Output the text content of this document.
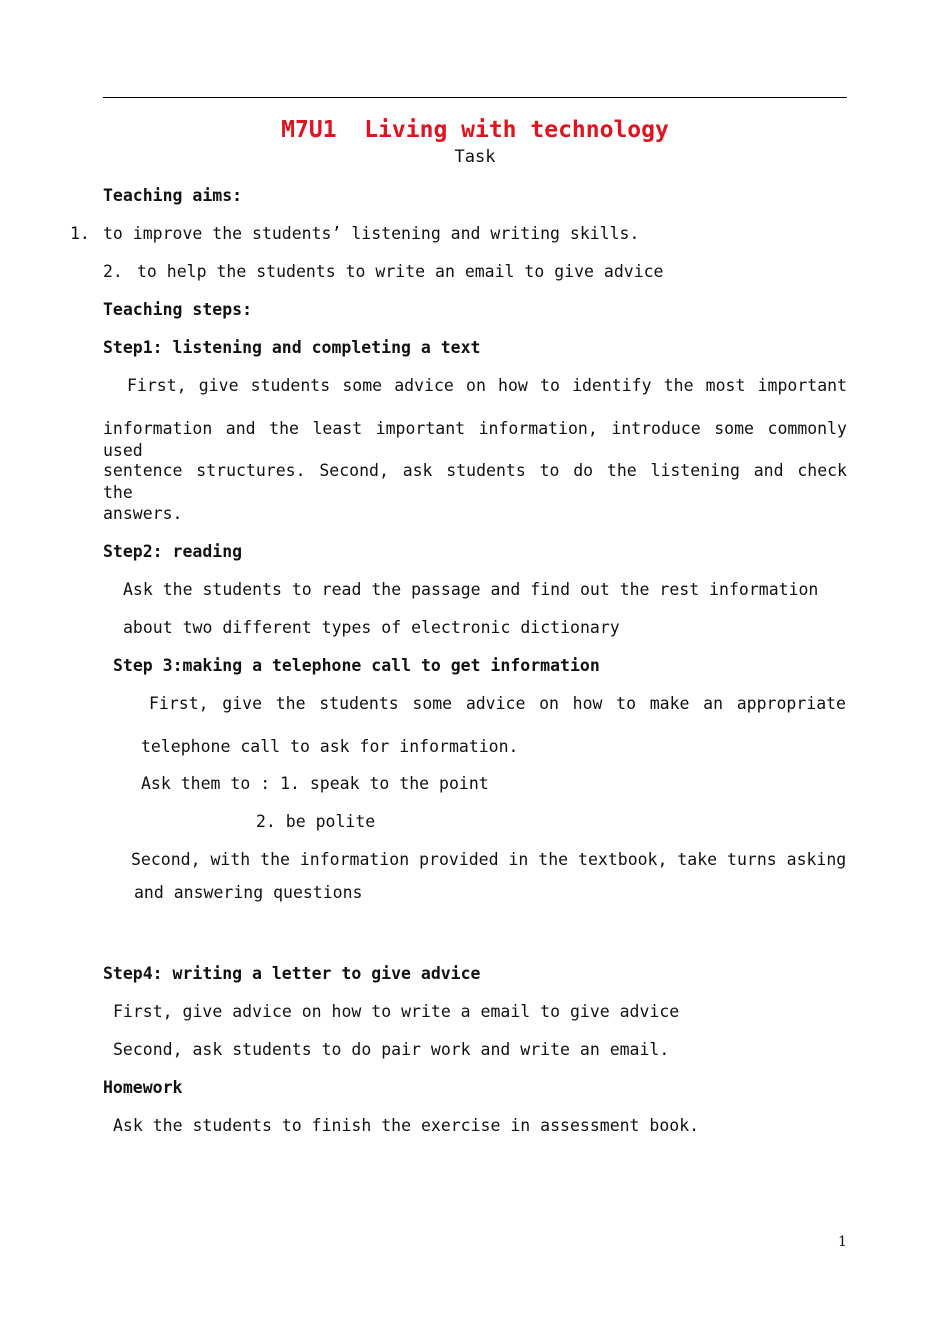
M7U1  Living with technology
Task
Teaching aims:
1. to improve the students’ listening and writing skills.
2. to help the students to write an email to give advice
Teaching steps:
Step1: listening and completing a text
First, give students some advice on how to identify the most important
information and the least important information, introduce some commonly used
sentence structures. Second, ask students to do the listening and check the
answers.
Step2: reading
Ask the students to read the passage and find out the rest information
about two different types of electronic dictionary
Step 3:making a telephone call to get information
First, give the students some advice on how to make an appropriate
telephone call to ask for information.
Ask them to : 1. speak to the point
2. be polite
Second, with the information provided in the textbook, take turns asking
and answering questions
Step4: writing a letter to give advice
First, give advice on how to write a email to give advice
Second, ask students to do pair work and write an email.
Homework
Ask the students to finish the exercise in assessment book.
1
